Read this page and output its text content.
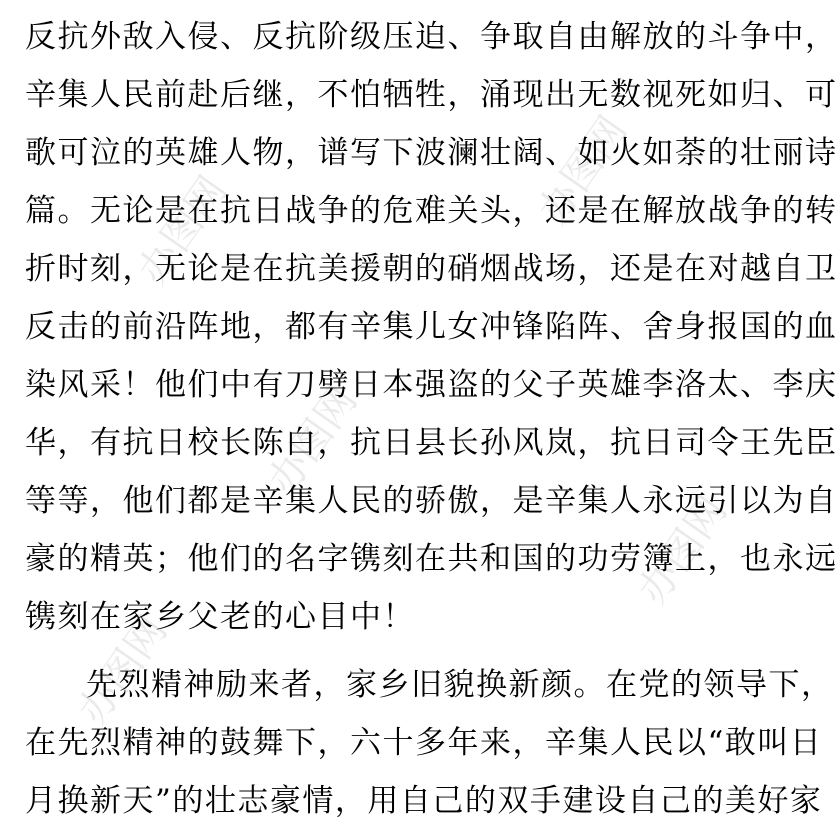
办图网	办图网
办图网
办图网
办图网
反抗外敌入侵、反抗阶级压迫、争取自由解放的斗争中，
辛集人民前赴后继，不怕牺牲，涌现出无数视死如归、可
歌可泣的英雄人物，谱写下波澜壮阔、如火如荼的壮丽诗
篇。无论是在抗日战争的危难关头，还是在解放战争的转
折时刻，无论是在抗美援朝的硝烟战场，还是在对越自卫
反击的前沿阵地，都有辛集儿女冲锋陷阵、舍身报国的血
染风采！他们中有刀劈日本强盗的父子英雄李洛太、李庆
华，有抗日校长陈白，抗日县长孙风岚，抗日司令王先臣
等等，他们都是辛集人民的骄傲，是辛集人永远引以为自
豪的精英；他们的名字镌刻在共和国的功劳簿上，也永远
镌刻在家乡父老的心目中！
先烈精神励来者，家乡旧貌换新颜。在党的领导下，
在先烈精神的鼓舞下，六十多年来，辛集人民以“敢叫日
月换新天”的壮志豪情，用自己的双手建设自己的美好家
